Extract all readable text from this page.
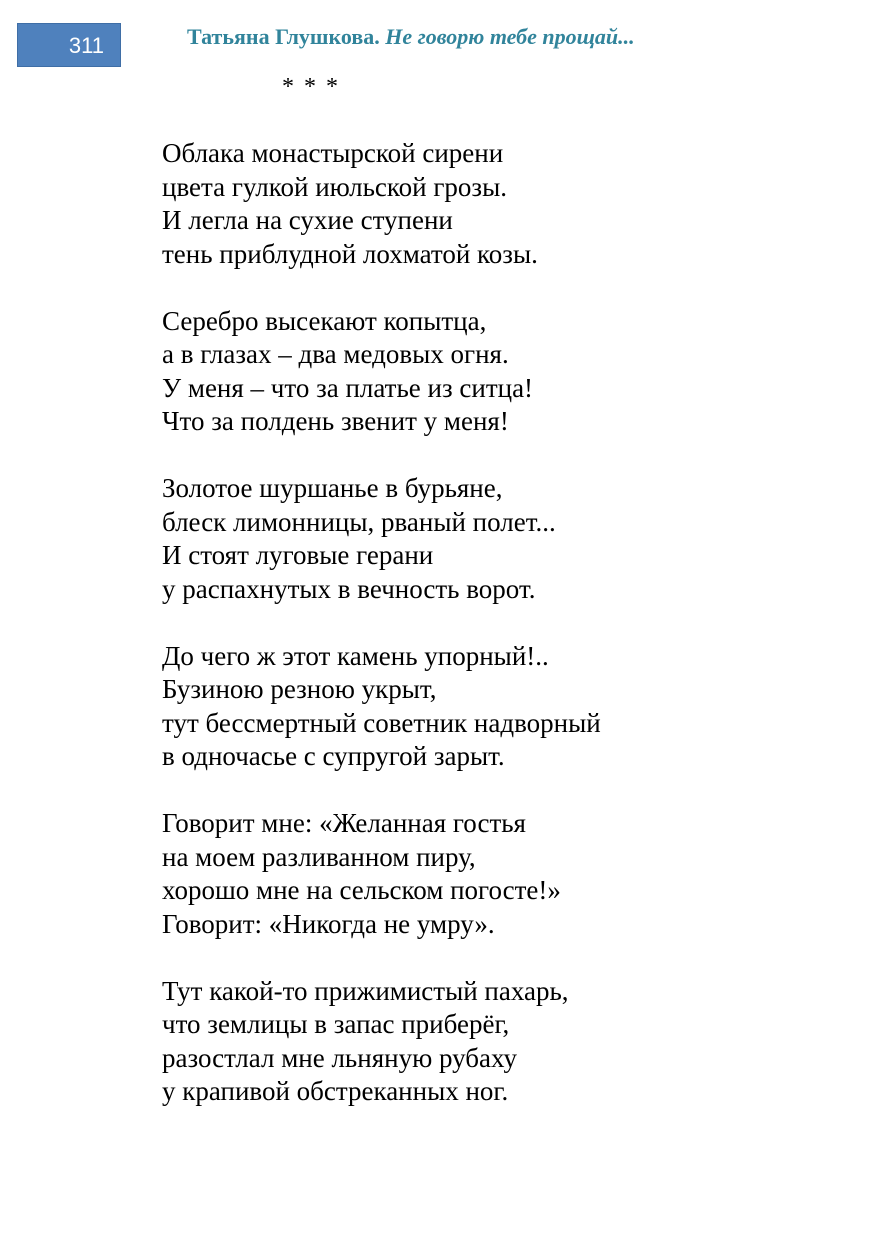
311	Татьяна Глушкова. Не говорю тебе прощай...
* * *
Облака монастырской сирени
цвета гулкой июльской грозы.
И легла на сухие ступени
тень приблудной лохматой козы.
Серебро высекают копытца,
а в глазах – два медовых огня.
У меня – что за платье из ситца!
Что за полдень звенит у меня!
Золотое шуршанье в бурьяне,
блеск лимонницы, рваный полет...
И стоят луговые герани
у распахнутых в вечность ворот.
До чего ж этот камень упорный!..
Бузиною резною укрыт,
тут бессмертный советник надворный
в одночасье с супругой зарыт.
Говорит мне: «Желанная гостья
на моем разливанном пиру,
хорошо мне на сельском погосте!»
Говорит: «Никогда не умру».
Тут какой-то прижимистый пахарь,
что землицы в запас приберёг,
разостлал мне льняную рубаху
у крапивой обстреканных ног.
